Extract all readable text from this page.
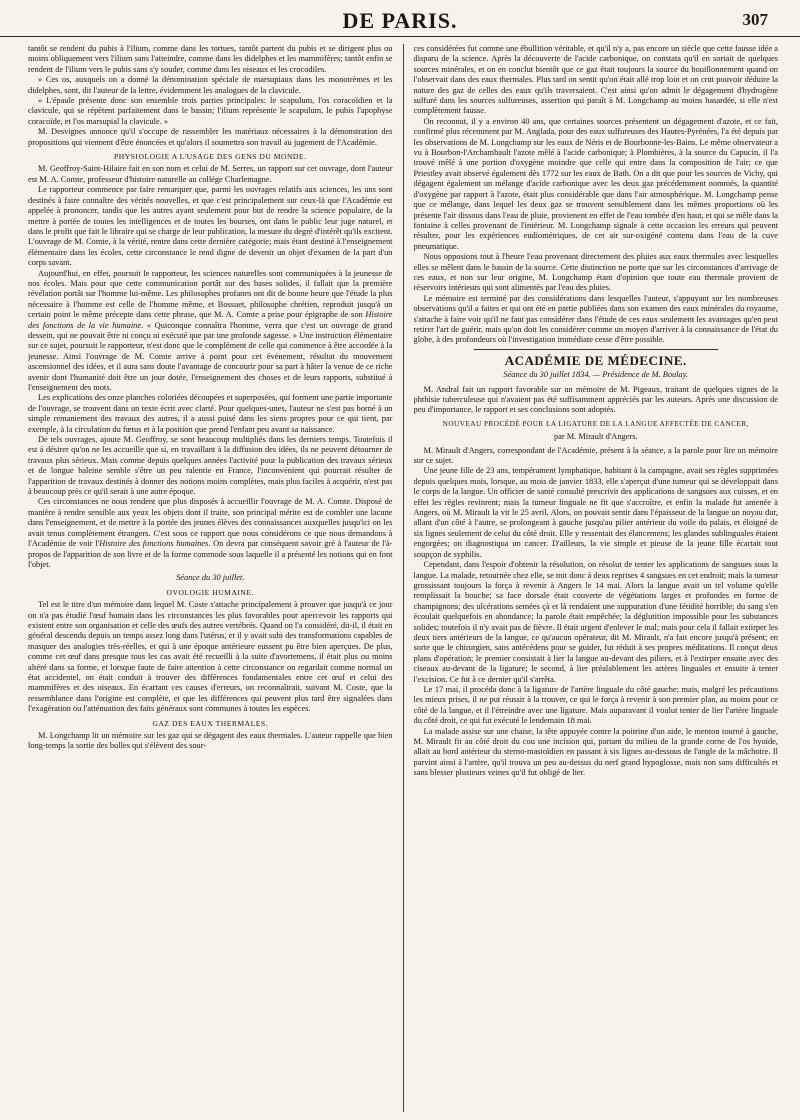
DE PARIS.	307

tantôt se rendent du pubis à l'ilium, comme dans les tortues, tantôt partent du pubis et se dirigent plus ou moins obliquement vers l'ilium sans l'atteindre, comme dans les didelphes et les mammifères; tantôt enfin se rendent de l'ilium vers le pubis sans s'y souder, comme dans les oiseaux et les crocodiles.

» Ces os, auxquels on a donné la dénomination spéciale de marsupiaux dans les monotrèmes et les didelphes, sont, dit l'auteur de la lettre, évidemment les analogues de la clavicule.

» L'épaule présente donc son ensemble trois parties principales: le scapulum, l'os coracoïdien et la clavicule, qui se répètent parfaitement dans le bassin; l'ilium représente le scapulum, le pubis l'apophyse coracoïde, et l'os marsupial la clavicule. »

M. Desvignes annonce qu'il s'occupe de rassembler les matériaux nécessaires à la démonstration des propositions qui viennent d'être énoncées et qu'alors il soumettra son travail au jugement de l'Académie.

PHYSIOLOGIE A L'USAGE DES GENS DU MONDE.

M. Geoffroy-Saint-Hilaire fait en son nom et celui de M. Serres, un rapport sur cet ouvrage, dont l'auteur est M. A. Comte, professeur d'histoire naturelle au collége Charlemagne.

Le rapporteur commence par faire remarquer que, parmi les ouvrages relatifs aux sciences, les uns sont destinés à faire connaître des vérités nouvelles, et que c'est principalement sur ceux-là que l'Académie est appelée à prononcer, tandis que les autres ayant seulement pour but de rendre la science populaire, de la mettre à portée de toutes les intelligences et de toutes les bourses, ont dans le public leur juge naturel, et dans le profit que fait le libraire qui se charge de leur publication, la mesure du degré d'intérêt qu'ils excitent. L'ouvrage de M. Comte, à la vérité, rentre dans cette dernière catégorie; mais étant destiné à l'enseignement élémentaire dans les écoles, cette circonstance le rend digne de devenir un objet d'examen de la part d'un corps savant.

Aujourd'hui, en effet, poursuit le rapporteur, les sciences naturelles sont communiquées à la jeunesse de nos écoles. Mais pour que cette communication portât sur des bases solides, il fallait que la première révélation portât sur l'homme lui-même. Les philosophes profanes ont dit de bonne heure que l'étude la plus nécessaire à l'homme est celle de l'homme même, et Bossuet, philosophe chrétien, reproduit jusqu'à un certain point le même précepte dans cette phrase, que M. A. Comte a prise pour épigraphe de son Histoire des fonctions de la vie humaine. « Quiconque connaîtra l'homme, verra que c'est un ouvrage de grand dessein, qui ne pouvait être ni conçu ni exécuté que par une profonde sagesse. » Une instruction élémentaire sur ce sujet, poursuit le rapporteur, n'est donc que le complément de celle qui commence à être accordée à la jeunesse. Ainsi l'ouvrage de M. Comte arrive à point pour cet événement, résultat du mouvement ascensionnel des idées, et il aura sans doute l'avantage de concourir pour sa part à hâter la venue de ce riche avenir dont l'humanité doit être un jour dotée, l'enseignement des choses et de leurs rapports, substitué à l'enseignement des mots.

Les explications des onze planches coloriées découpées et superposées, qui forment une partie importante de l'ouvrage, se trouvent dans un texte écrit avec clarté. Pour quelques-unes, l'auteur ne s'est pas borné à un simple remaniement des travaux des autres, il a aussi puisé dans les siens propres pour ce qui tient, par exemple, à la circulation du fœtus et à la position que prend l'enfant peu avant sa naissance.

De tels ouvrages, ajoute M. Geoffroy, se sont beaucoup multipliés dans les derniers temps. Toutefois il est à désirer qu'on ne les accueille que si, en travaillant à la diffusion des idées, ils ne peuvent détourner de travaux plus sérieux. Mais comme depuis quelques années l'activité pour la publication des travaux sérieux et de longue haleine semble s'être un peu ralentie en France, l'inconvénient qui pourrait résulter de l'apparition de travaux destinés à donner des notions moins complètes, mais plus faciles à acquérir, n'est pas à beaucoup près ce qu'il serait à une autre époque.

Ces circonstances ne nous rendent que plus disposés à accueillir l'ouvrage de M. A. Comte. Disposé de manière à rendre sensible aux yeux les objets dont il traite, son principal mérite est de combler une lacune dans l'enseignement, et de mettre à la portée des jeunes élèves des connaissances auxquelles jusqu'ici on les avait tenus complètement étrangers. C'est sous ce rapport que nous considérons ce que nous demandons à l'Académie de voir l'Histoire des fonctions humaines. On devra par conséquent savoir gré à l'auteur de l'à-propos de l'apparition de son livre et de la forme commode sous laquelle il a présenté les notions qui en font l'objet.

Séance du 30 juillet.
OVOLOGIE HUMAINE.

Tel est le titre d'un mémoire dans lequel M. Coste s'attache principalement à prouver que jusqu'à ce jour on n'a pas étudié l'œuf humain dans les circonstances les plus favorables pour apercevoir les rapports qui existent entre son organisation et celle des œufs des autres vertébrés. Quand on l'a considéré, dit-il, il était en général descendu depuis un temps assez long dans l'utérus, et il y avait subi des transformations capables de masquer des analogies très-réelles, et qui à une époque antérieure eussent pu être bien aperçues. De plus, comme cet œuf dans presque tous les cas avait été recueilli à la suite d'avortemens, il était plus ou moins altéré dans sa forme, et lorsque faute de faire attention à cette circonstance on regardait comme normal un état accidentel, on était conduit à trouver des différences fondamentales entre cet œuf et celui des mammifères et des oiseaux. En écartant ces causes d'erreurs, on reconnaîtrait, suivant M. Coste, que la ressemblance dans l'origine est complète, et que les différences qui peuvent plus tard être signalées dans l'exagération ou l'atténuation des faits généraux sont communes à toutes les espèces.

GAZ DES EAUX THERMALES.

M. Longchamp lit un mémoire sur les gaz qui se dégagent des eaux thermales. L'auteur rappelle que bien long-temps la sortie des bulles qui s'élèvent des sour-

ces considérées fut comme une ébullition véritable, et qu'il n'y a, pas encore un siècle que cette fausse idée a disparu de la science. Après la découverte de l'acide carbonique, on constata qu'il en sortait de quelques sources minérales, et on en conclut bientôt que ce gaz était toujours la source du bouillonnement quand on l'observait dans des eaux thermales. Plus tard on sentit qu'on était allé trop loin et on crut pouvoir déduire la nature des gaz de celles des eaux qu'ils traversaient. C'est ainsi qu'on admit le dégagement d'hydrogène sulfuré dans les sources sulfureuses, assertion qui paraît à M. Longchamp au moins hasardée, si elle n'est complètement fausse.

On reconnut, il y a environ 40 ans, que certaines sources présentent un dégagement d'azote, et ce fait, confirmé plus récemment par M. Anglada, pour des eaux sulfureuses des Hautes-Pyrénées, l'a été depuis par les observations de M. Longchamp sur les eaux de Néris et de Bourbonne-les-Bains. Le même observateur a vu à Bourbon-l'Archambault l'azote mêlé à l'acide carbonique; à Plombières, à la source du Capucin, il l'a trouvé mêlé à une portion d'oxygène moindre que celle qui entre dans la composition de l'air; ce que Priestley avait observé également dès 1772 sur les eaux de Bath. On a dit que pour les sources de Vichy, qui dégagent également un mélange d'acide carbonique avec les deux gaz précédemment nommés, la quantité d'oxygène par rapport à l'azote, était plus considérable que dans l'air atmosphérique. M. Longchamp pense que ce mélange, dans lequel les deux gaz se trouvent sensiblement dans les mêmes proportions où les présente l'air dissous dans l'eau de pluie, provienent en effet de l'eau tombée d'en haut, et qui se mêle dans la fontaine à celles provenant de l'intérieur. M. Longchamp signale à cette occasion les erreurs qui peuvent résulter, pour les expériences eudiométriques, de cet air sur-oxigéné contenu dans l'eau de la cuve pneumatique.

Nous opposions tout à l'heure l'eau provenant directement des pluies aux eaux thermales avec lesquelles elles se mêlent dans le bassin de la source. Cette distinction ne porte que sur les circonstances d'arrivage de ces eaux, et non sur leur origine, M. Longchamp étant d'opinion que toute eau thermale provient de réservoirs intérieurs qui sont alimentés par l'eau des pluies.

Le mémoire est terminé par des considérations dans lesquelles l'auteur, s'appuyant sur les nombreuses observations qu'il a faites et qui ont été en partie publiées dans son examen des eaux minérales du royaume, s'attache à faire voir qu'il ne faut pas considérer dans l'étude de ces eaux seulement les avantages qu'en peut retirer l'art de guérir, mais qu'on doit les considérer comme un moyen d'arriver à la connaissance de l'état du globe, à des profondeurs où l'investigation immédiate cesse d'être possible.

ACADÉMIE DE MÉDECINE.
Séance du 30 juillet 1834. — Présidence de M. Boulay.

M. Andral fait un rapport favorable sur un mémoire de M. Pigeaux, traitant de quelques signes de la phthisie tuberculeuse qui n'avaient pas été suffisamment appréciés par les auteurs. Après une discussion de peu d'importance, le rapport et ses conclusions sont adoptés.

NOUVEAU PROCÉDÉ POUR LA LIGATURE DE LA LANGUE AFFECTÉE DE CANCER,
par M. Mirault d'Angers.

M. Mirault d'Angers, correspondant de l'Académie, présent à la séance, a la parole pour lire un mémoire sur ce sujet.

Une jeune fille de 23 ans, tempérament lymphatique, habitant à la campagne, avait ses règles supprimées depuis quelques mois, lorsque, au mois de janvier 1833, elle s'aperçut d'une tumeur qui se développait dans le corps de la langue. Un officier de santé consulté prescrivit des applications de sangsues aux cuisses, et en effet les règles revinrent; mais la tumeur linguale ne fit que s'accroître, et enfin la malade fut amenée à Angers, où M. Mirault la vit le 25 avril. Alors, on pouvait sentir dans l'épaisseur de la langue un noyau dur, allant d'un côté à l'autre, se prolongeant à gauche jusqu'au pilier antérieur du voile du palais, et éloigné de six lignes seulement de celui du côté droit. Elle y ressentait des élancemens; les glandes sublinguales étaient engorgées; on diagnostiqua un cancer. D'ailleurs, la vie simple et pieuse de la jeune fille écartait tout soupçon de syphilis.

Cependant, dans l'espoir d'obtenir la résolution, on résolut de tenter les applications de sangsues sous la langue. La malade, retournée chez elle, se mit donc à deux reprises 4 sangsues en cet endroit; mais la tumeur grossissant toujours la força à revenir à Angers le 14 mai. Alors la langue avait un tel volume qu'elle remplissait la bouche; sa face dorsale était couverte de végétations larges et profondes en forme de champignons; des ulcérations semées çà et là rendaient une suppuration d'une fétidité horrible; du sang s'en écoulait quelquefois en abondance; la parole était empêchée; la déglutition impossible pour les substances solides; toutefois il n'y avait pas de fièvre. Il était urgent d'enlever le mal; mais pour cela il fallait extirper les deux tiers antérieurs de la langue, ce qu'aucun opérateur, dit M. Mirault, n'a fait encore jusqu'à présent; en sorte que le chirurgien, sans antécédens pour se guider, fut réduit à ses propres méditations. Il conçut deux plans d'opération; le premier consistait à lier la langue au-devant des piliers, et à l'extirper ensuite avec des ciseaux au-devant de la ligature; le second, à lier préalablement les artères linguales et ensuite à tenter l'excision. Ce fut à ce dernier qu'il s'arrêta.

Le 17 mai, il procéda donc à la ligature de l'artère linguale du côté gauche; mais, malgré les précautions les mieux prises, il ne put réussir à la trouver, ce qui le força à revenir à son premier plan, au moins pour ce côté de la langue, et il l'étreindre avec une ligature. Mais auparavant il voulut tenter de lier l'artère linguale du côté droit, ce qui fut exécuté le lendemain 18 mai.

La malade assise sur une chaise, la tête appuyée contre la poitrine d'un aide, le menton tourné à gauche, M. Mirault fit au côté droit du cou une incision qui, partant du milieu de la grande corne de l'os hyoïde, allait au bord antérieur du sterno-mastoïdien en passant à six lignes au-dessous de l'angle de la mâchoire. Il parvint ainsi à l'artère, qu'il trouva un peu au-dessus du nerf grand hypoglosse, mais non sans difficultés et sans blesser plusieurs veines qu'il fut obligé de lier.
